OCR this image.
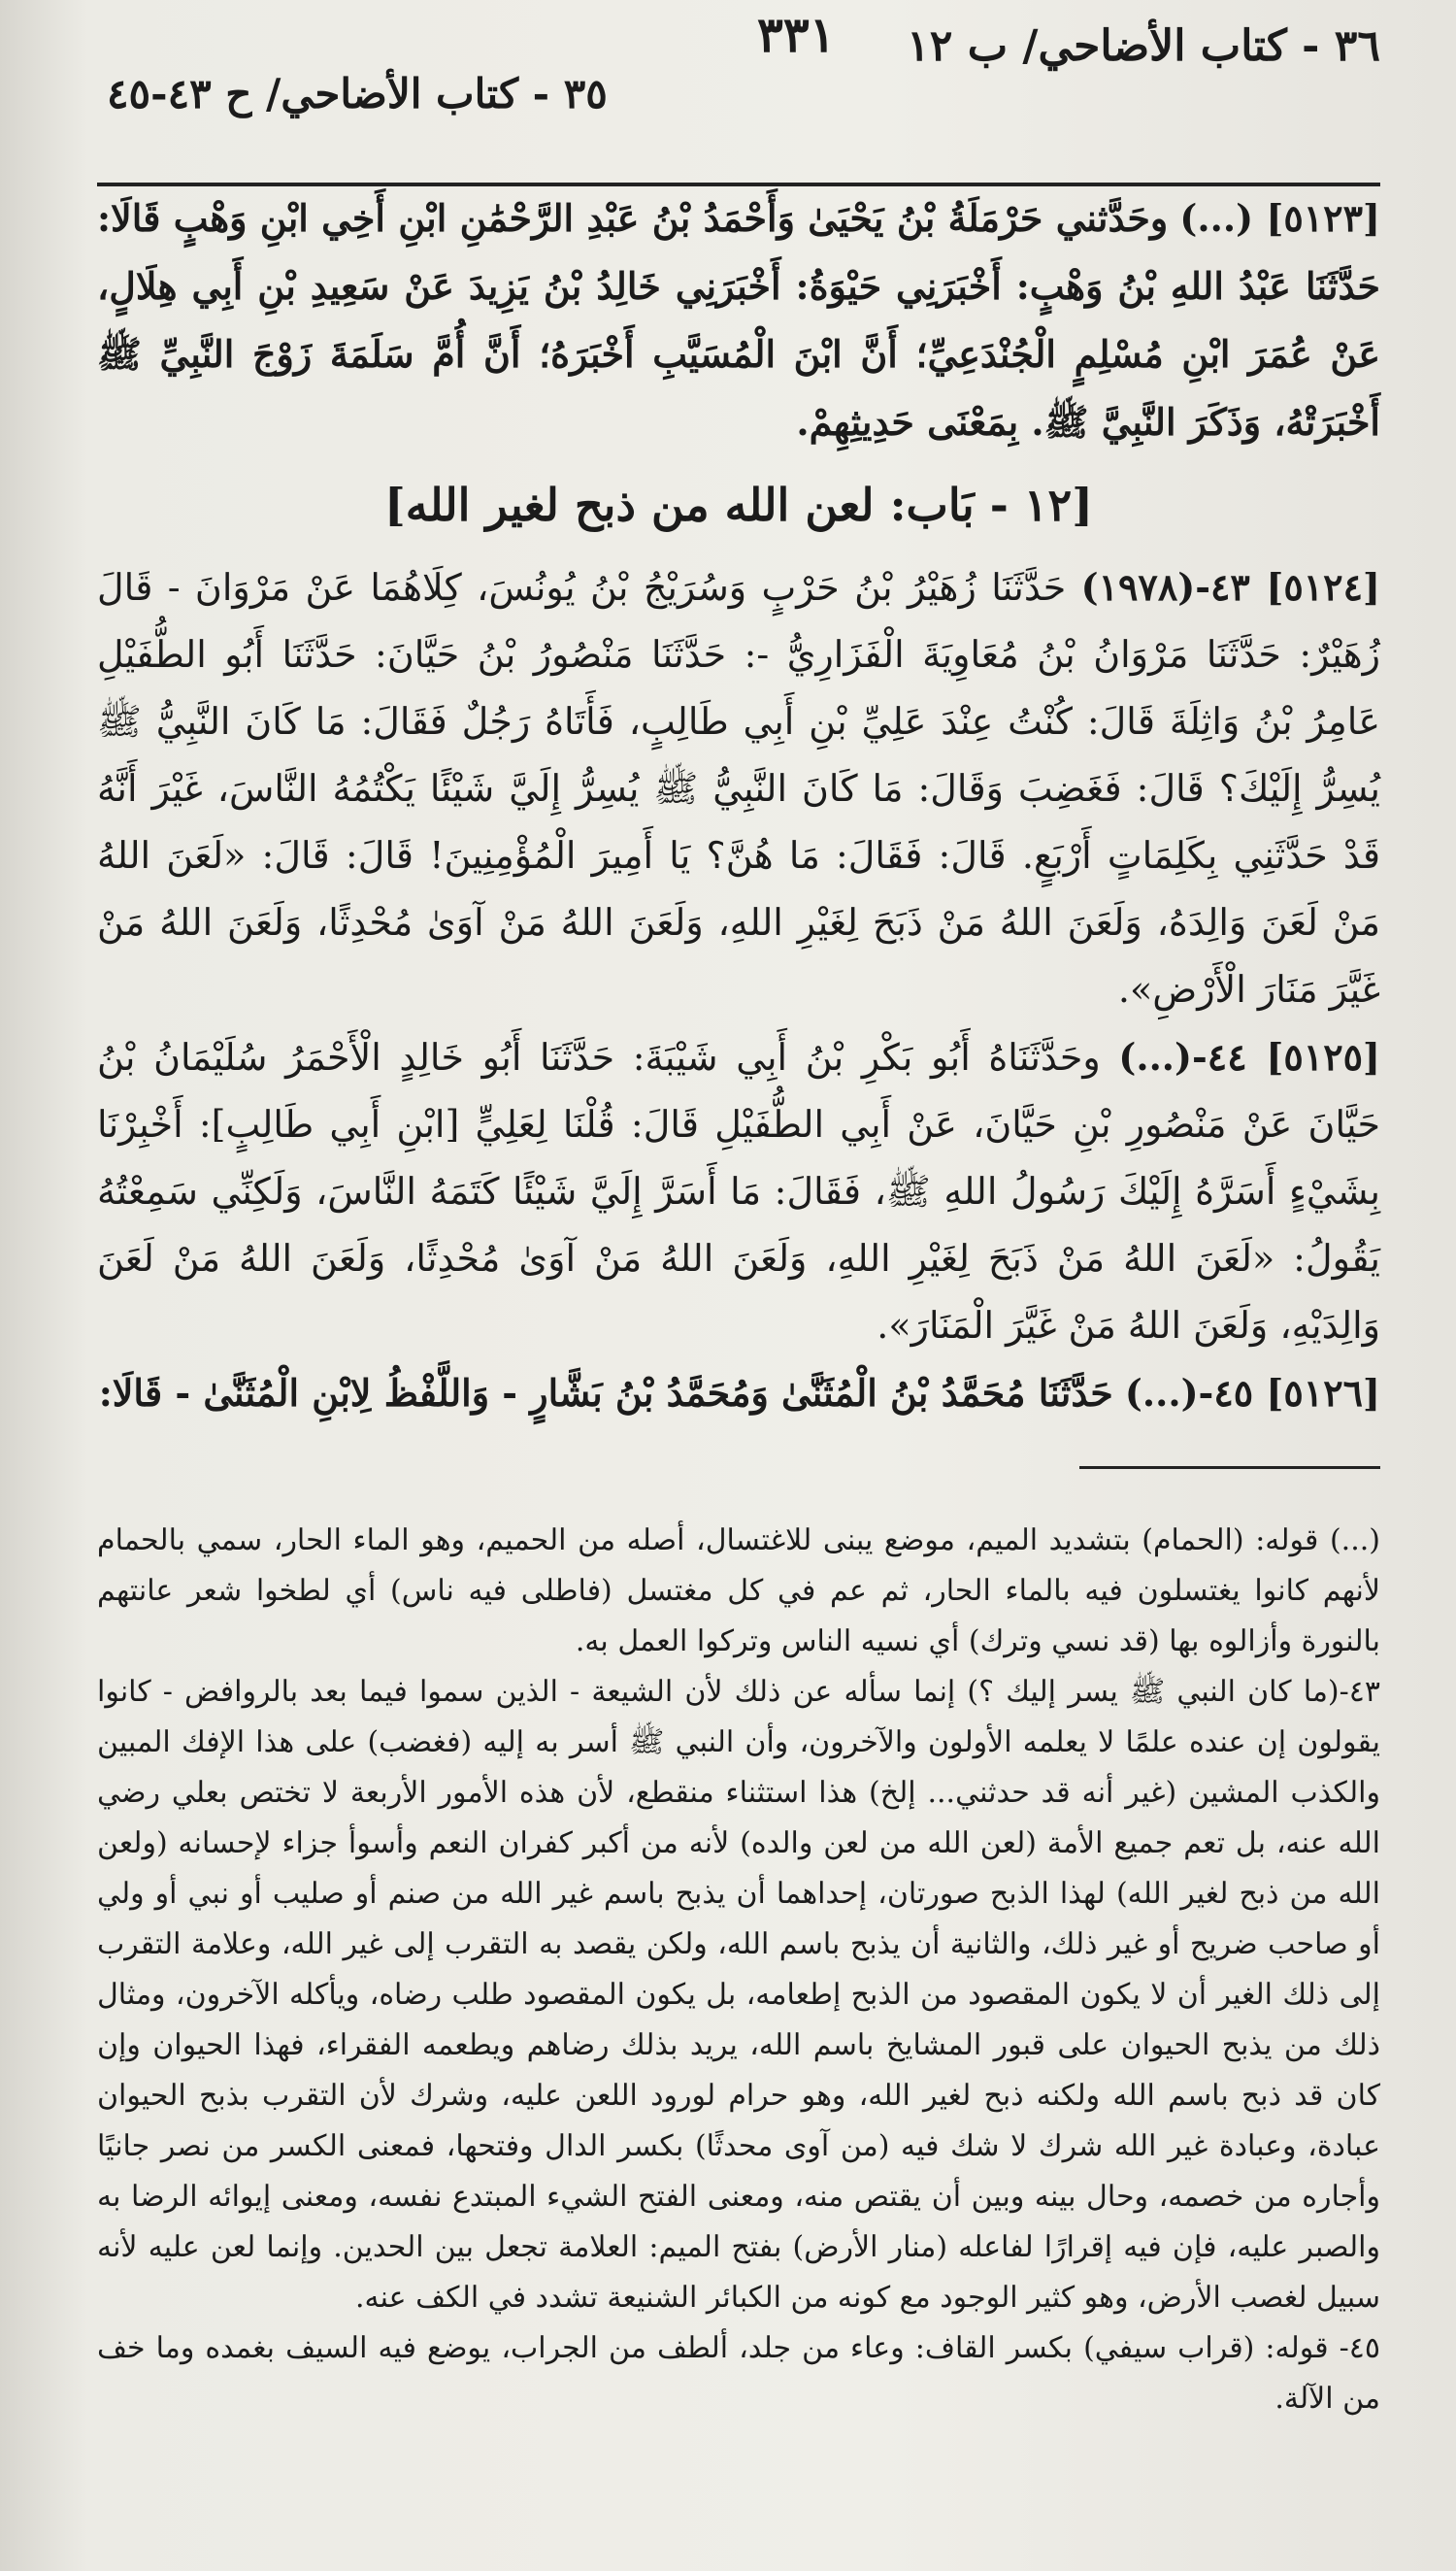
٣٦ - كتاب الأضاحي/ ب ١٢
٣٣١
٣٥ - كتاب الأضاحي/ ح ٤٣-٤٥

[٥١٢٣] (...) وحَدَّثني حَرْمَلَةُ بْنُ يَحْيَىٰ وَأَحْمَدُ بْنُ عَبْدِ الرَّحْمَٰنِ ابْنِ أَخِي ابْنِ وَهْبٍ قَالَا: حَدَّثَنَا عَبْدُ اللهِ بْنُ وَهْبٍ: أَخْبَرَنِي حَيْوَةُ: أَخْبَرَنِي خَالِدُ بْنُ يَزِيدَ عَنْ سَعِيدِ بْنِ أَبِي هِلَالٍ، عَنْ عُمَرَ ابْنِ مُسْلِمٍ الْجُنْدَعِيِّ؛ أَنَّ ابْنَ الْمُسَيَّبِ أَخْبَرَهُ؛ أَنَّ أُمَّ سَلَمَةَ زَوْجَ النَّبِيِّ ﷺ أَخْبَرَتْهُ، وَذَكَرَ النَّبِيَّ ﷺ. بِمَعْنَى حَدِيثِهِمْ.

[١٢ - بَاب: لعن الله من ذبح لغير الله]

[٥١٢٤] ٤٣-(١٩٧٨) حَدَّثَنَا زُهَيْرُ بْنُ حَرْبٍ وَسُرَيْجُ بْنُ يُونُسَ، كِلَاهُمَا عَنْ مَرْوَانَ - قَالَ زُهَيْرٌ: حَدَّثَنَا مَرْوَانُ بْنُ مُعَاوِيَةَ الْفَزَارِيُّ -: حَدَّثَنَا مَنْصُورُ بْنُ حَيَّانَ: حَدَّثَنَا أَبُو الطُّفَيْلِ عَامِرُ بْنُ وَاثِلَةَ قَالَ: كُنْتُ عِنْدَ عَلِيِّ بْنِ أَبِي طَالِبٍ، فَأَتَاهُ رَجُلٌ فَقَالَ: مَا كَانَ النَّبِيُّ ﷺ يُسِرُّ إِلَيْكَ؟ قَالَ: فَغَضِبَ وَقَالَ: مَا كَانَ النَّبِيُّ ﷺ يُسِرُّ إِلَيَّ شَيْئًا يَكْتُمُهُ النَّاسَ، غَيْرَ أَنَّهُ قَدْ حَدَّثَنِي بِكَلِمَاتٍ أَرْبَعٍ. قَالَ: فَقَالَ: مَا هُنَّ؟ يَا أَمِيرَ الْمُؤْمِنِينَ! قَالَ: قَالَ: «لَعَنَ اللهُ مَنْ لَعَنَ وَالِدَهُ، وَلَعَنَ اللهُ مَنْ ذَبَحَ لِغَيْرِ اللهِ، وَلَعَنَ اللهُ مَنْ آوَىٰ مُحْدِثًا، وَلَعَنَ اللهُ مَنْ غَيَّرَ مَنَارَ الْأَرْضِ».

[٥١٢٥] ٤٤-(...) وحَدَّثَنَاهُ أَبُو بَكْرِ بْنُ أَبِي شَيْبَةَ: حَدَّثَنَا أَبُو خَالِدٍ الْأَحْمَرُ سُلَيْمَانُ بْنُ حَيَّانَ عَنْ مَنْصُورِ بْنِ حَيَّانَ، عَنْ أَبِي الطُّفَيْلِ قَالَ: قُلْنَا لِعَلِيٍّ [ابْنِ أَبِي طَالِبٍ]: أَخْبِرْنَا بِشَيْءٍ أَسَرَّهُ إِلَيْكَ رَسُولُ اللهِ ﷺ، فَقَالَ: مَا أَسَرَّ إِلَيَّ شَيْئًا كَتَمَهُ النَّاسَ، وَلَكِنِّي سَمِعْتُهُ يَقُولُ: «لَعَنَ اللهُ مَنْ ذَبَحَ لِغَيْرِ اللهِ، وَلَعَنَ اللهُ مَنْ آوَىٰ مُحْدِثًا، وَلَعَنَ اللهُ مَنْ لَعَنَ وَالِدَيْهِ، وَلَعَنَ اللهُ مَنْ غَيَّرَ الْمَنَارَ».

[٥١٢٦] ٤٥-(...) حَدَّثَنَا مُحَمَّدُ بْنُ الْمُثَنَّىٰ وَمُحَمَّدُ بْنُ بَشَّارٍ - وَاللَّفْظُ لِابْنِ الْمُثَنَّىٰ - قَالَا:

(...) قوله: (الحمام) بتشديد الميم، موضع يبنى للاغتسال، أصله من الحميم، وهو الماء الحار، سمي بالحمام لأنهم كانوا يغتسلون فيه بالماء الحار، ثم عم في كل مغتسل (فاطلى فيه ناس) أي لطخوا شعر عانتهم بالنورة وأزالوه بها (قد نسي وترك) أي نسيه الناس وتركوا العمل به.

٤٣-(ما كان النبي ﷺ يسر إليك ؟) إنما سأله عن ذلك لأن الشيعة - الذين سموا فيما بعد بالروافض - كانوا يقولون إن عنده علمًا لا يعلمه الأولون والآخرون، وأن النبي ﷺ أسر به إليه (فغضب) على هذا الإفك المبين والكذب المشين (غير أنه قد حدثني... إلخ) هذا استثناء منقطع، لأن هذه الأمور الأربعة لا تختص بعلي رضي الله عنه، بل تعم جميع الأمة (لعن الله من لعن والده) لأنه من أكبر كفران النعم وأسوأ جزاء لإحسانه (ولعن الله من ذبح لغير الله) لهذا الذبح صورتان، إحداهما أن يذبح باسم غير الله من صنم أو صليب أو نبي أو ولي أو صاحب ضريح أو غير ذلك، والثانية أن يذبح باسم الله، ولكن يقصد به التقرب إلى غير الله، وعلامة التقرب إلى ذلك الغير أن لا يكون المقصود من الذبح إطعامه، بل يكون المقصود طلب رضاه، ويأكله الآخرون، ومثال ذلك من يذبح الحيوان على قبور المشايخ باسم الله، يريد بذلك رضاهم ويطعمه الفقراء، فهذا الحيوان وإن كان قد ذبح باسم الله ولكنه ذبح لغير الله، وهو حرام لورود اللعن عليه، وشرك لأن التقرب بذبح الحيوان عبادة، وعبادة غير الله شرك لا شك فيه (من آوى محدثًا) بكسر الدال وفتحها، فمعنى الكسر من نصر جانيًا وأجاره من خصمه، وحال بينه وبين أن يقتص منه، ومعنى الفتح الشيء المبتدع نفسه، ومعنى إيوائه الرضا به والصبر عليه، فإن فيه إقرارًا لفاعله (منار الأرض) بفتح الميم: العلامة تجعل بين الحدين. وإنما لعن عليه لأنه سبيل لغصب الأرض، وهو كثير الوجود مع كونه من الكبائر الشنيعة تشدد في الكف عنه.

٤٥- قوله: (قراب سيفي) بكسر القاف: وعاء من جلد، ألطف من الجراب، يوضع فيه السيف بغمده وما خف من الآلة.
